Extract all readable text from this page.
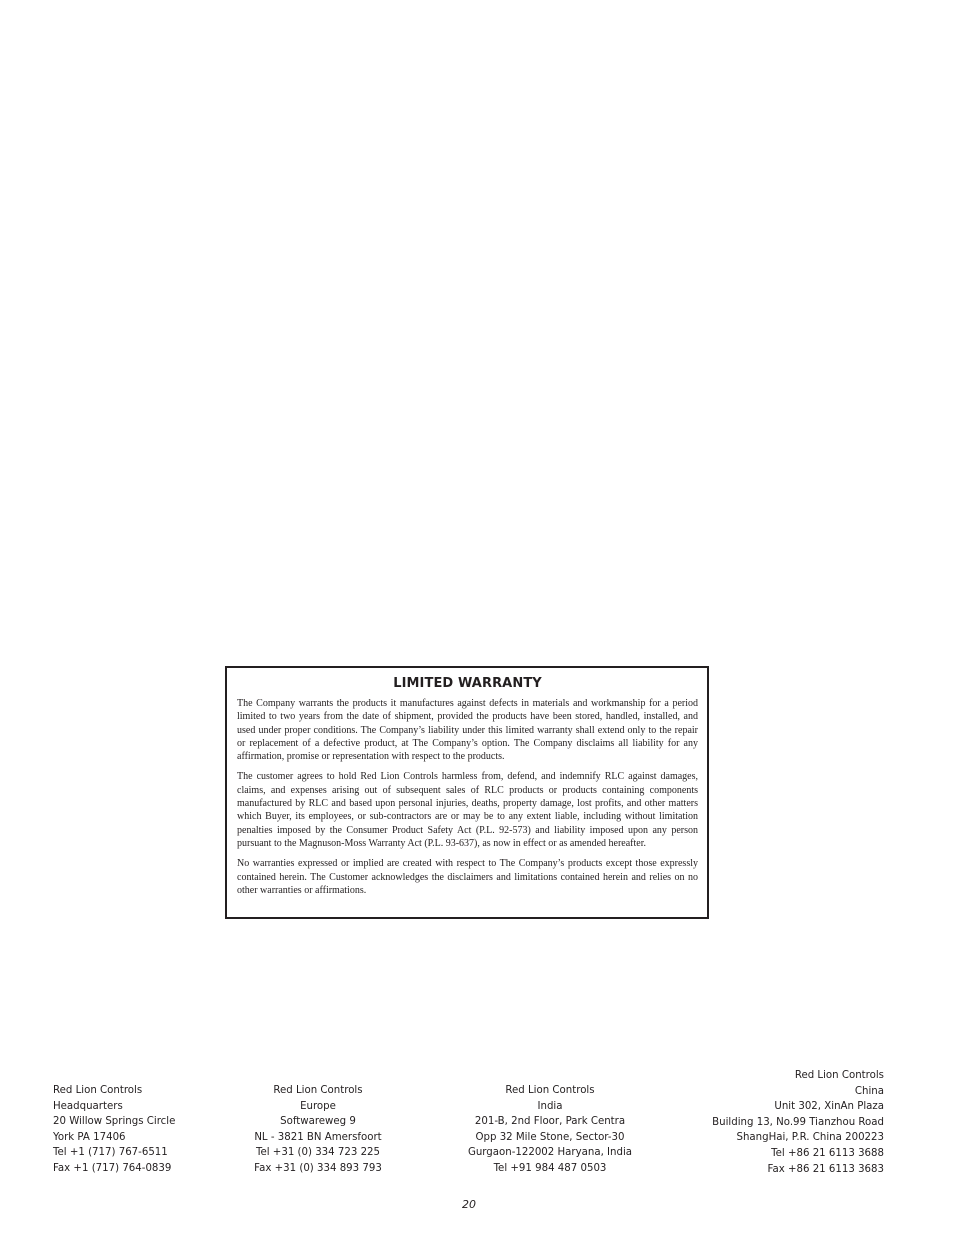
LIMITED WARRANTY

The Company warrants the products it manufactures against defects in materials and workmanship for a period limited to two years from the date of shipment, provided the products have been stored, handled, installed, and used under proper conditions. The Company’s liability under this limited warranty shall extend only to the repair or replacement of a defective product, at The Company’s option. The Company disclaims all liability for any affirmation, promise or representation with respect to the products.

The customer agrees to hold Red Lion Controls harmless from, defend, and indemnify RLC against damages, claims, and expenses arising out of subsequent sales of RLC products or products containing components manufactured by RLC and based upon personal injuries, deaths, property damage, lost profits, and other matters which Buyer, its employees, or sub-contractors are or may be to any extent liable, including without limitation penalties imposed by the Consumer Product Safety Act (P.L. 92-573) and liability imposed upon any person pursuant to the Magnuson-Moss Warranty Act (P.L. 93-637), as now in effect or as amended hereafter.

No warranties expressed or implied are created with respect to The Company’s products except those expressly contained herein. The Customer acknowledges the disclaimers and limitations contained herein and relies on no other warranties or affirmations.

Red Lion Controls
Headquarters
20 Willow Springs Circle
York PA 17406
Tel +1 (717) 767-6511
Fax +1 (717) 764-0839
Red Lion Controls
Europe
Softwareweg 9
NL - 3821 BN Amersfoort
Tel +31 (0) 334 723 225
Fax +31 (0) 334 893 793
Red Lion Controls
India
201-B, 2nd Floor, Park Centra
Opp 32 Mile Stone, Sector-30
Gurgaon-122002 Haryana, India
Tel +91 984 487 0503
Red Lion Controls
China
Unit 302, XinAn Plaza
Building 13, No.99 Tianzhou Road
ShangHai, P.R. China 200223
Tel +86 21 6113 3688
Fax +86 21 6113 3683
20
